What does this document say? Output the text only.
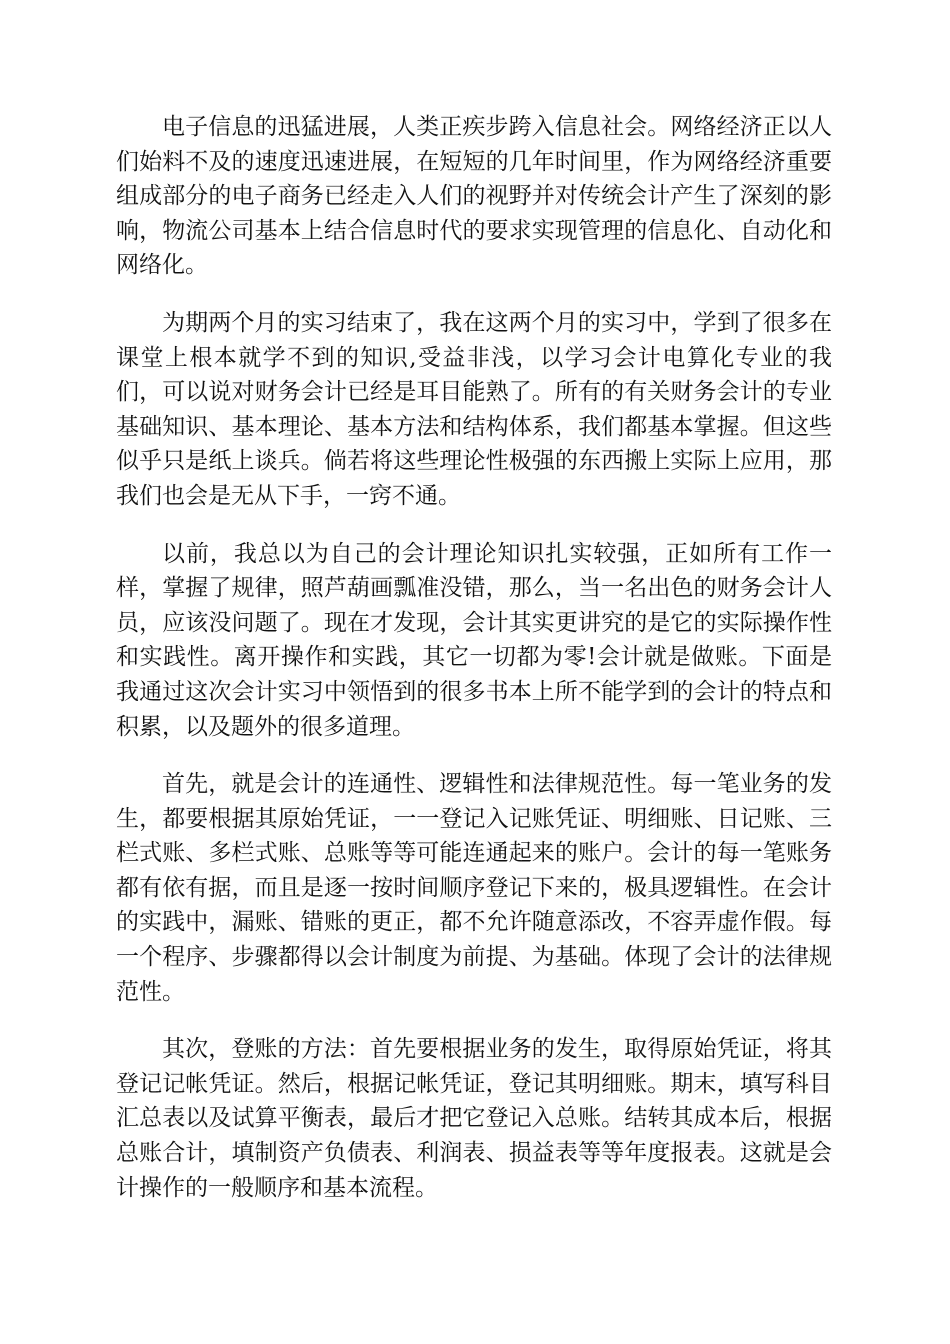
电子信息的迅猛进展，人类正疾步跨入信息社会。网络经济正以人们始料不及的速度迅速进展，在短短的几年时间里，作为网络经济重要组成部分的电子商务已经走入人们的视野并对传统会计产生了深刻的影响，物流公司基本上结合信息时代的要求实现管理的信息化、自动化和网络化。

为期两个月的实习结束了，我在这两个月的实习中，学到了很多在课堂上根本就学不到的知识,受益非浅，以学习会计电算化专业的我们，可以说对财务会计已经是耳目能熟了。所有的有关财务会计的专业基础知识、基本理论、基本方法和结构体系，我们都基本掌握。但这些似乎只是纸上谈兵。倘若将这些理论性极强的东西搬上实际上应用，那我们也会是无从下手，一窍不通。

以前，我总以为自己的会计理论知识扎实较强，正如所有工作一样，掌握了规律，照芦葫画瓢准没错，那么，当一名出色的财务会计人员，应该没问题了。现在才发现，会计其实更讲究的是它的实际操作性和实践性。离开操作和实践，其它一切都为零!会计就是做账。下面是我通过这次会计实习中领悟到的很多书本上所不能学到的会计的特点和积累，以及题外的很多道理。

首先，就是会计的连通性、逻辑性和法律规范性。每一笔业务的发生，都要根据其原始凭证，一一登记入记账凭证、明细账、日记账、三栏式账、多栏式账、总账等等可能连通起来的账户。会计的每一笔账务都有依有据，而且是逐一按时间顺序登记下来的，极具逻辑性。在会计的实践中，漏账、错账的更正，都不允许随意添改，不容弄虚作假。每一个程序、步骤都得以会计制度为前提、为基础。体现了会计的法律规范性。

其次，登账的方法：首先要根据业务的发生，取得原始凭证，将其登记记帐凭证。然后，根据记帐凭证，登记其明细账。期末，填写科目汇总表以及试算平衡表，最后才把它登记入总账。结转其成本后，根据总账合计，填制资产负债表、利润表、损益表等等年度报表。这就是会计操作的一般顺序和基本流程。
